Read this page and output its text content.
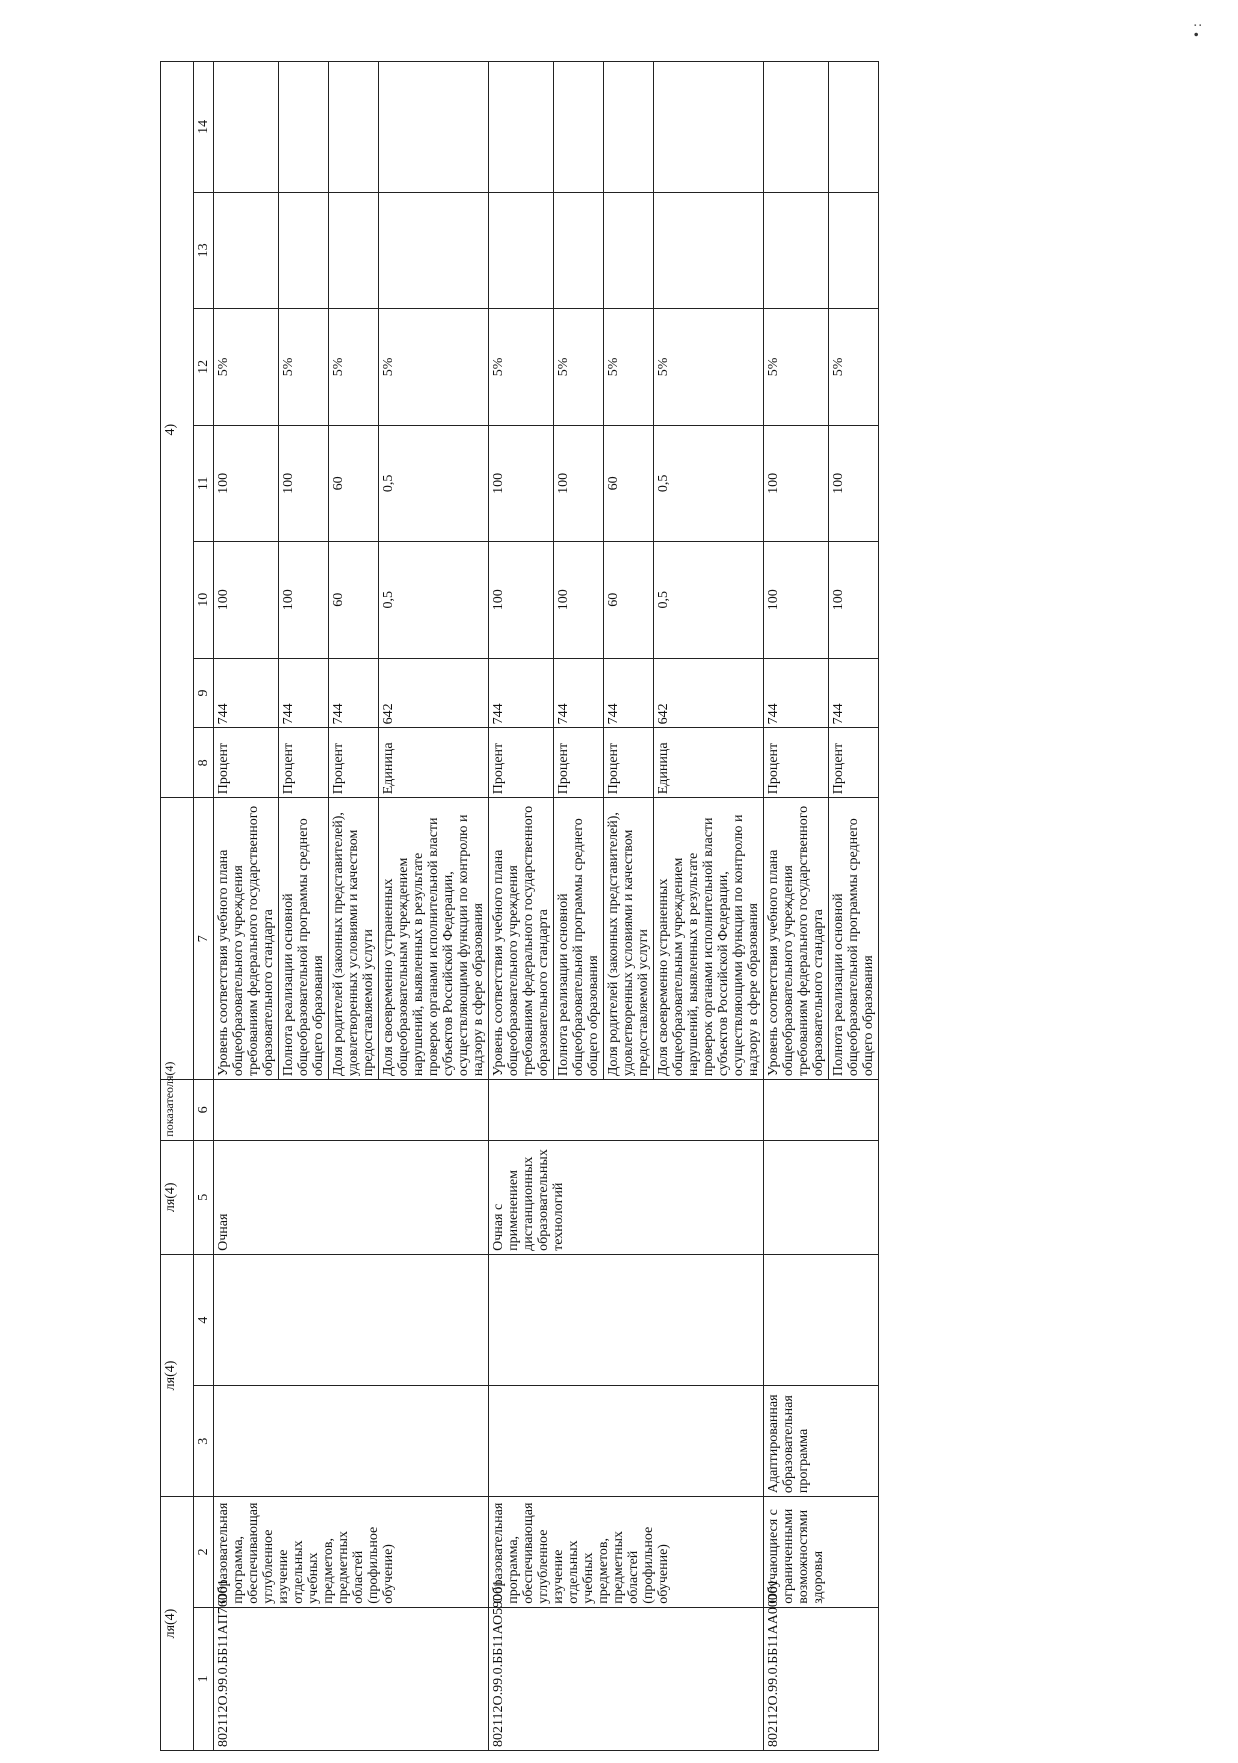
• :
ля(4)		ля(4)		ля(4)	показатеоля(4)		4)						
1	2	3	4	5	6	7	8	9	10	11	12	13	14
802112О.99.0.ББ11АП76001	Образовательная программа, обеспечивающая углубленное изучение отдельных учебных предметов, предметных областей (профильное обучение)			Очная		Уровень соответствия учебного плана общеобразовательного учреждения требованиям федерального государственного образовательного стандарта	Процент	744	100	100	5%		
						Полнота реализации основной общеобразовательной программы среднего общего образования	Процент	744	100	100	5%		
						Доля родителей (законных представителей), удовлетворенных условиями и качеством предоставляемой услуги	Процент	744	60	60	5%		
						Доля своевременно устраненных общеобразовательным учреждением нарушений, выявленных в результате проверок органами исполнительной власти субъектов Российской Федерации, осуществляющими функции по контролю и надзору в сфере образования	Единица	642	0,5	0,5	5%		
802112О.99.0.ББ11АО59001	Образовательная программа, обеспечивающая углубленное изучение отдельных учебных предметов, предметных областей (профильное обучение)			Очная с применением дистанционных образовательных технологий		Уровень соответствия учебного плана общеобразовательного учреждения требованиям федерального государственного образовательного стандарта	Процент	744	100	100	5%		
						Полнота реализации основной общеобразовательной программы среднего общего образования	Процент	744	100	100	5%		
						Доля родителей (законных представителей), удовлетворенных условиями и качеством предоставляемой услуги	Процент	744	60	60	5%		
						Доля своевременно устраненных общеобразовательным учреждением нарушений, выявленных в результате проверок органами исполнительной власти субъектов Российской Федерации, осуществляющими функции по контролю и надзору в сфере образования	Единица	642	0,5	0,5	5%		
802112О.99.0.ББ11АА00001	Обучающиеся с ограниченными возможностями здоровья	Адаптированная образовательная программа				Уровень соответствия учебного плана общеобразовательного учреждения требованиям федерального государственного образовательного стандарта	Процент	744	100	100	5%		
						Полнота реализации основной общеобразовательной программы среднего общего образования	Процент	744	100	100	5%		
